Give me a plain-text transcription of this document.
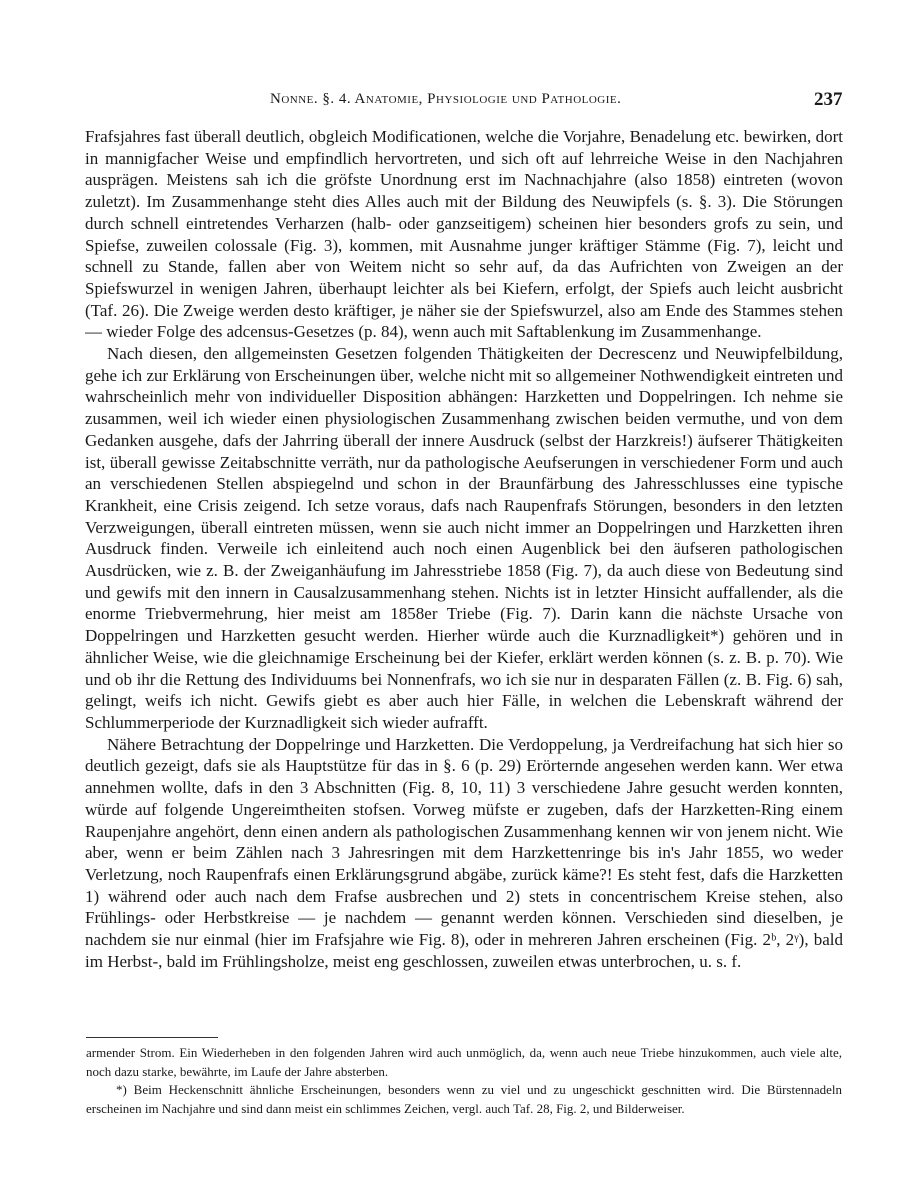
Nonne. §. 4. Anatomie, Physiologie und Pathologie.	237

Frafsjahres fast überall deutlich, obgleich Modificationen, welche die Vorjahre, Benadelung etc. bewirken, dort in mannigfacher Weise und empfindlich hervortreten, und sich oft auf lehrreiche Weise in den Nachjahren ausprägen. Meistens sah ich die gröfste Unordnung erst im Nachnachjahre (also 1858) eintreten (wovon zuletzt). Im Zusammenhange steht dies Alles auch mit der Bildung des Neuwipfels (s. §. 3). Die Störungen durch schnell eintretendes Verharzen (halb- oder ganzseitigem) scheinen hier besonders grofs zu sein, und Spiefse, zuweilen colossale (Fig. 3), kommen, mit Ausnahme junger kräftiger Stämme (Fig. 7), leicht und schnell zu Stande, fallen aber von Weitem nicht so sehr auf, da das Aufrichten von Zweigen an der Spiefswurzel in wenigen Jahren, überhaupt leichter als bei Kiefern, erfolgt, der Spiefs auch leicht ausbricht (Taf. 26). Die Zweige werden desto kräftiger, je näher sie der Spiefswurzel, also am Ende des Stammes stehen — wieder Folge des adcensus-Gesetzes (p. 84), wenn auch mit Saftablenkung im Zusammenhange.

Nach diesen, den allgemeinsten Gesetzen folgenden Thätigkeiten der Decrescenz und Neuwipfelbildung, gehe ich zur Erklärung von Erscheinungen über, welche nicht mit so allgemeiner Nothwendigkeit eintreten und wahrscheinlich mehr von individueller Disposition abhängen: Harzketten und Doppelringen. Ich nehme sie zusammen, weil ich wieder einen physiologischen Zusammenhang zwischen beiden vermuthe, und von dem Gedanken ausgehe, dafs der Jahrring überall der innere Ausdruck (selbst der Harzkreis!) äufserer Thätigkeiten ist, überall gewisse Zeitabschnitte verräth, nur da pathologische Aeufserungen in verschiedener Form und auch an verschiedenen Stellen abspiegelnd und schon in der Braunfärbung des Jahresschlusses eine typische Krankheit, eine Crisis zeigend. Ich setze voraus, dafs nach Raupenfrafs Störungen, besonders in den letzten Verzweigungen, überall eintreten müssen, wenn sie auch nicht immer an Doppelringen und Harzketten ihren Ausdruck finden. Verweile ich einleitend auch noch einen Augenblick bei den äufseren pathologischen Ausdrücken, wie z. B. der Zweiganhäufung im Jahresstriebe 1858 (Fig. 7), da auch diese von Bedeutung sind und gewifs mit den innern in Causalzusammenhang stehen. Nichts ist in letzter Hinsicht auffallender, als die enorme Triebvermehrung, hier meist am 1858er Triebe (Fig. 7). Darin kann die nächste Ursache von Doppelringen und Harzketten gesucht werden. Hierher würde auch die Kurznadligkeit*) gehören und in ähnlicher Weise, wie die gleichnamige Erscheinung bei der Kiefer, erklärt werden können (s. z. B. p. 70). Wie und ob ihr die Rettung des Individuums bei Nonnenfrafs, wo ich sie nur in desparaten Fällen (z. B. Fig. 6) sah, gelingt, weifs ich nicht. Gewifs giebt es aber auch hier Fälle, in welchen die Lebenskraft während der Schlummerperiode der Kurznadligkeit sich wieder aufrafft.

Nähere Betrachtung der Doppelringe und Harzketten. Die Verdoppelung, ja Verdreifachung hat sich hier so deutlich gezeigt, dafs sie als Hauptstütze für das in §. 6 (p. 29) Erörternde angesehen werden kann. Wer etwa annehmen wollte, dafs in den 3 Abschnitten (Fig. 8, 10, 11) 3 verschiedene Jahre gesucht werden konnten, würde auf folgende Ungereimtheiten stofsen. Vorweg müfste er zugeben, dafs der Harzketten-Ring einem Raupenjahre angehört, denn einen andern als pathologischen Zusammenhang kennen wir von jenem nicht. Wie aber, wenn er beim Zählen nach 3 Jahresringen mit dem Harzkettenringe bis in's Jahr 1855, wo weder Verletzung, noch Raupenfrafs einen Erklärungsgrund abgäbe, zurück käme?! Es steht fest, dafs die Harzketten 1) während oder auch nach dem Frafse ausbrechen und 2) stets in concentrischem Kreise stehen, also Frühlings- oder Herbstkreise — je nachdem — genannt werden können. Verschieden sind dieselben, je nachdem sie nur einmal (hier im Frafsjahre wie Fig. 8), oder in mehreren Jahren erscheinen (Fig. 2ᵇ, 2ᵞ), bald im Herbst-, bald im Frühlingsholze, meist eng geschlossen, zuweilen etwas unterbrochen, u. s. f.

armender Strom. Ein Wiederheben in den folgenden Jahren wird auch unmöglich, da, wenn auch neue Triebe hinzukommen, auch viele alte, noch dazu starke, bewährte, im Laufe der Jahre absterben.

*) Beim Heckenschnitt ähnliche Erscheinungen, besonders wenn zu viel und zu ungeschickt geschnitten wird. Die Bürstennadeln erscheinen im Nachjahre und sind dann meist ein schlimmes Zeichen, vergl. auch Taf. 28, Fig. 2, und Bilderweiser.
